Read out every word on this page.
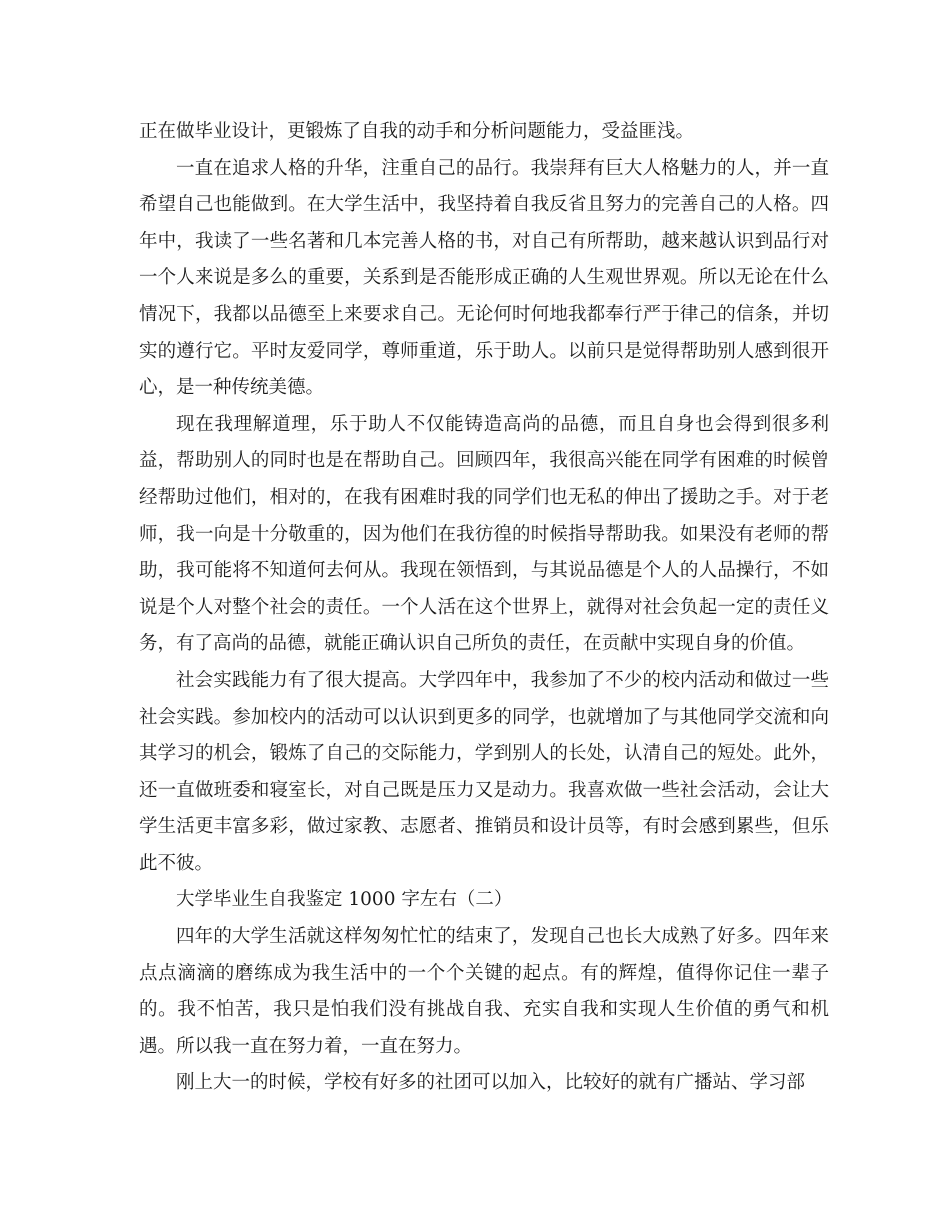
正在做毕业设计，更锻炼了自我的动手和分析问题能力，受益匪浅。

一直在追求人格的升华，注重自己的品行。我崇拜有巨大人格魅力的人，并一直希望自己也能做到。在大学生活中，我坚持着自我反省且努力的完善自己的人格。四年中，我读了一些名著和几本完善人格的书，对自己有所帮助，越来越认识到品行对一个人来说是多么的重要，关系到是否能形成正确的人生观世界观。所以无论在什么情况下，我都以品德至上来要求自己。无论何时何地我都奉行严于律己的信条，并切实的遵行它。平时友爱同学，尊师重道，乐于助人。以前只是觉得帮助别人感到很开心，是一种传统美德。

现在我理解道理，乐于助人不仅能铸造高尚的品德，而且自身也会得到很多利益，帮助别人的同时也是在帮助自己。回顾四年，我很高兴能在同学有困难的时候曾经帮助过他们，相对的，在我有困难时我的同学们也无私的伸出了援助之手。对于老师，我一向是十分敬重的，因为他们在我彷徨的时候指导帮助我。如果没有老师的帮助，我可能将不知道何去何从。我现在领悟到，与其说品德是个人的人品操行，不如说是个人对整个社会的责任。一个人活在这个世界上，就得对社会负起一定的责任义务，有了高尚的品德，就能正确认识自己所负的责任，在贡献中实现自身的价值。

社会实践能力有了很大提高。大学四年中，我参加了不少的校内活动和做过一些社会实践。参加校内的活动可以认识到更多的同学，也就增加了与其他同学交流和向其学习的机会，锻炼了自己的交际能力，学到别人的长处，认清自己的短处。此外，还一直做班委和寝室长，对自己既是压力又是动力。我喜欢做一些社会活动，会让大学生活更丰富多彩，做过家教、志愿者、推销员和设计员等，有时会感到累些，但乐此不彼。

大学毕业生自我鉴定 1000 字左右（二）

四年的大学生活就这样匆匆忙忙的结束了，发现自己也长大成熟了好多。四年来点点滴滴的磨练成为我生活中的一个个关键的起点。有的辉煌，值得你记住一辈子的。我不怕苦，我只是怕我们没有挑战自我、充实自我和实现人生价值的勇气和机遇。所以我一直在努力着，一直在努力。

刚上大一的时候，学校有好多的社团可以加入，比较好的就有广播站、学习部
